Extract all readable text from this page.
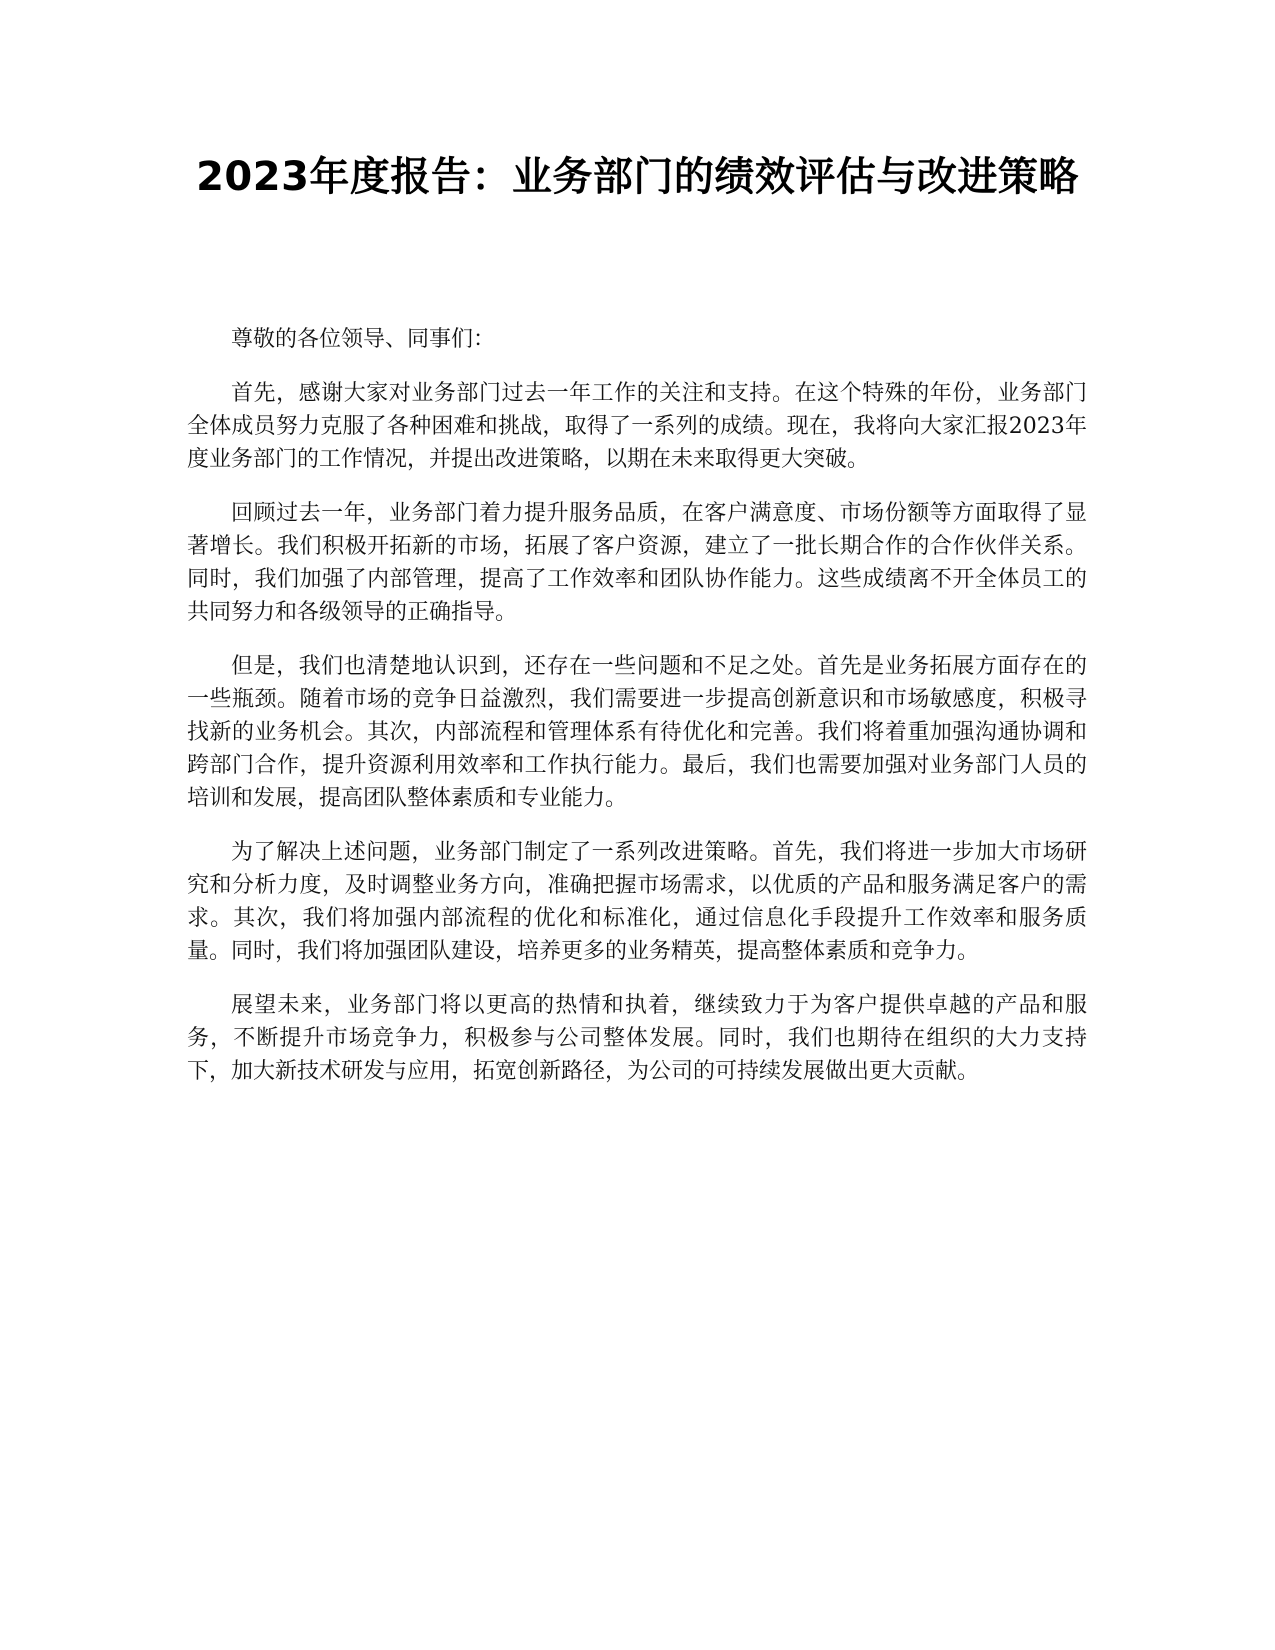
2023年度报告：业务部门的绩效评估与改进策略

尊敬的各位领导、同事们：

首先，感谢大家对业务部门过去一年工作的关注和支持。在这个特殊的年份，业务部门全体成员努力克服了各种困难和挑战，取得了一系列的成绩。现在，我将向大家汇报2023年度业务部门的工作情况，并提出改进策略，以期在未来取得更大突破。

回顾过去一年，业务部门着力提升服务品质，在客户满意度、市场份额等方面取得了显著增长。我们积极开拓新的市场，拓展了客户资源，建立了一批长期合作的合作伙伴关系。同时，我们加强了内部管理，提高了工作效率和团队协作能力。这些成绩离不开全体员工的共同努力和各级领导的正确指导。

但是，我们也清楚地认识到，还存在一些问题和不足之处。首先是业务拓展方面存在的一些瓶颈。随着市场的竞争日益激烈，我们需要进一步提高创新意识和市场敏感度，积极寻找新的业务机会。其次，内部流程和管理体系有待优化和完善。我们将着重加强沟通协调和跨部门合作，提升资源利用效率和工作执行能力。最后，我们也需要加强对业务部门人员的培训和发展，提高团队整体素质和专业能力。

为了解决上述问题，业务部门制定了一系列改进策略。首先，我们将进一步加大市场研究和分析力度，及时调整业务方向，准确把握市场需求，以优质的产品和服务满足客户的需求。其次，我们将加强内部流程的优化和标准化，通过信息化手段提升工作效率和服务质量。同时，我们将加强团队建设，培养更多的业务精英，提高整体素质和竞争力。

展望未来，业务部门将以更高的热情和执着，继续致力于为客户提供卓越的产品和服务，不断提升市场竞争力，积极参与公司整体发展。同时，我们也期待在组织的大力支持下，加大新技术研发与应用，拓宽创新路径，为公司的可持续发展做出更大贡献。
